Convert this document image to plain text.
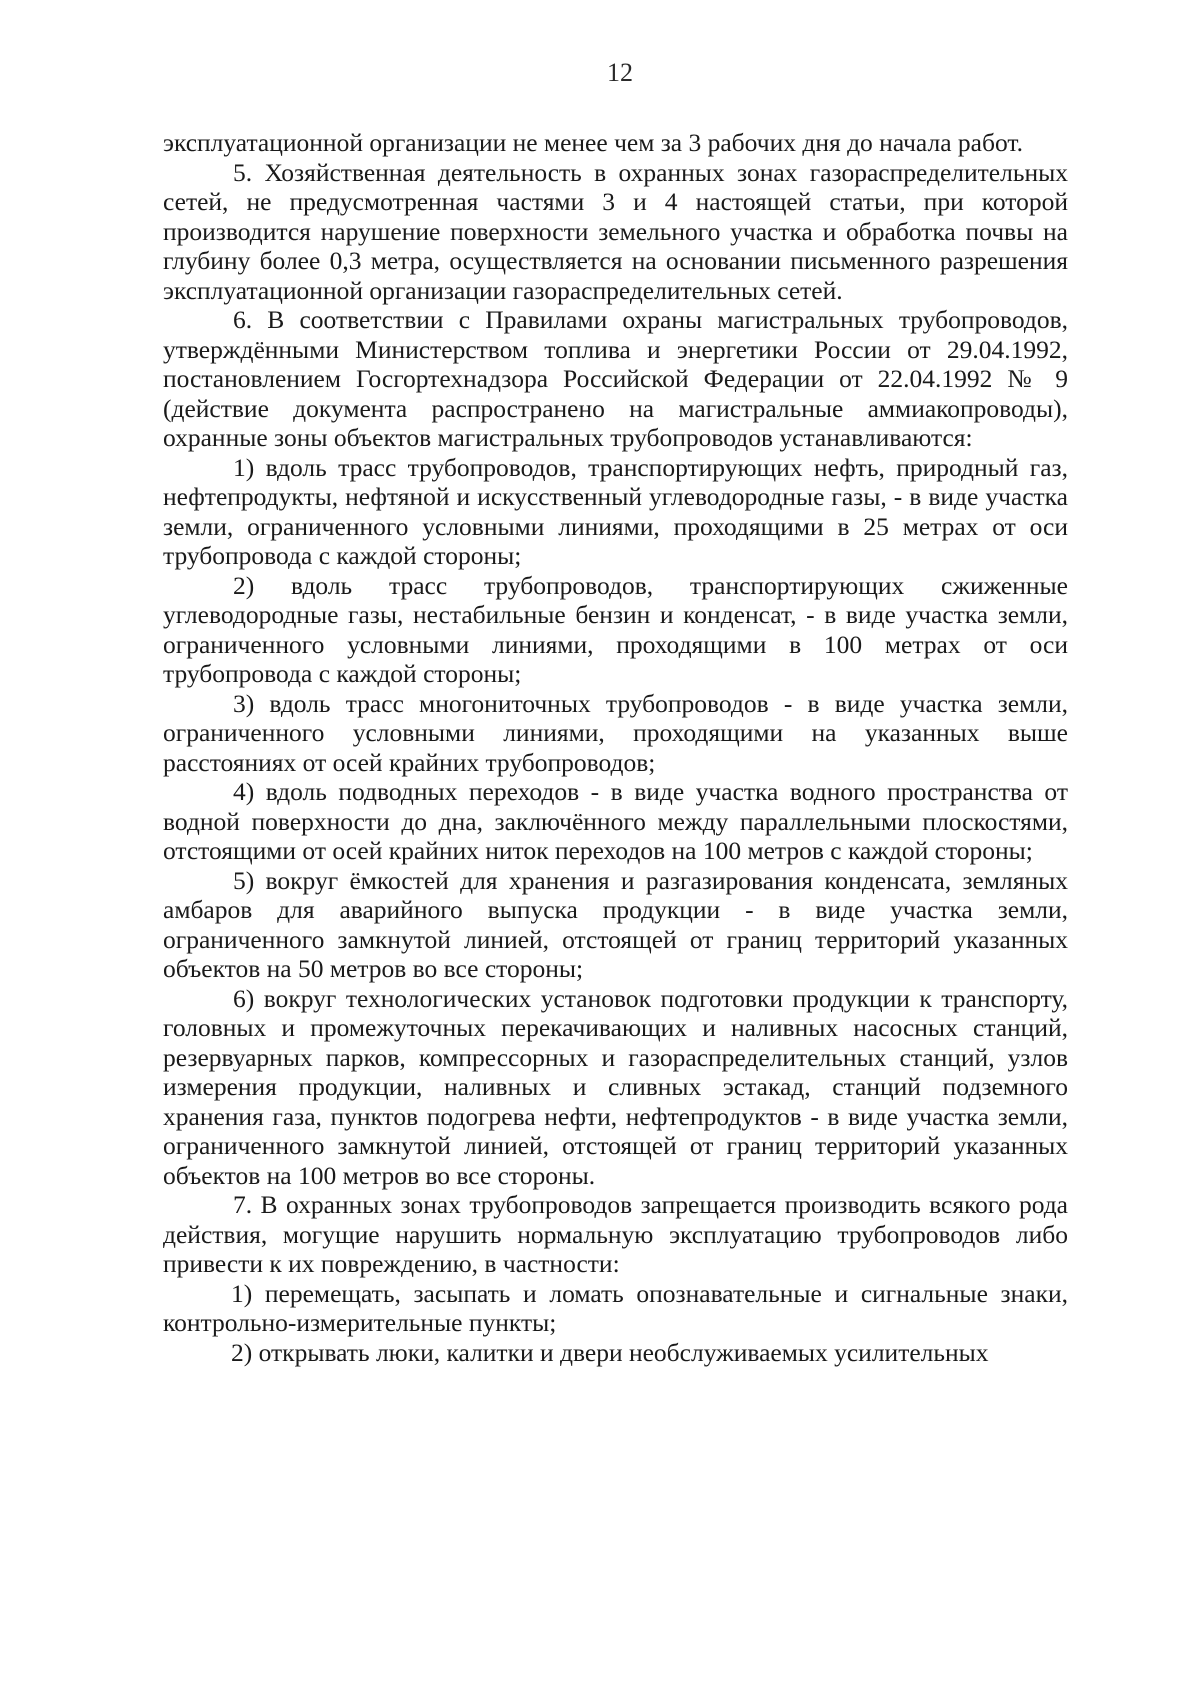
12

эксплуатационной организации не менее чем за 3 рабочих дня до начала работ.

5. Хозяйственная деятельность в охранных зонах газораспределительных сетей, не предусмотренная частями 3 и 4 настоящей статьи, при которой производится нарушение поверхности земельного участка и обработка почвы на глубину более 0,3 метра, осуществляется на основании письменного разрешения эксплуатационной организации газораспределительных сетей.

6. В соответствии с Правилами охраны магистральных трубопроводов, утверждёнными Министерством топлива и энергетики России от 29.04.1992, постановлением Госгортехнадзора Российской Федерации от 22.04.1992 № 9 (действие документа распространено на магистральные аммиакопроводы), охранные зоны объектов магистральных трубопроводов устанавливаются:

1) вдоль трасс трубопроводов, транспортирующих нефть, природный газ, нефтепродукты, нефтяной и искусственный углеводородные газы, - в виде участка земли, ограниченного условными линиями, проходящими в 25 метрах от оси трубопровода с каждой стороны;

2) вдоль трасс трубопроводов, транспортирующих сжиженные углеводородные газы, нестабильные бензин и конденсат, - в виде участка земли, ограниченного условными линиями, проходящими в 100 метрах от оси трубопровода с каждой стороны;

3) вдоль трасс многониточных трубопроводов - в виде участка земли, ограниченного условными линиями, проходящими на указанных выше расстояниях от осей крайних трубопроводов;

4) вдоль подводных переходов - в виде участка водного пространства от водной поверхности до дна, заключённого между параллельными плоскостями, отстоящими от осей крайних ниток переходов на 100 метров с каждой стороны;

5) вокруг ёмкостей для хранения и разгазирования конденсата, земляных амбаров для аварийного выпуска продукции - в виде участка земли, ограниченного замкнутой линией, отстоящей от границ территорий указанных объектов на 50 метров во все стороны;

6) вокруг технологических установок подготовки продукции к транспорту, головных и промежуточных перекачивающих и наливных насосных станций, резервуарных парков, компрессорных и газораспределительных станций, узлов измерения продукции, наливных и сливных эстакад, станций подземного хранения газа, пунктов подогрева нефти, нефтепродуктов - в виде участка земли, ограниченного замкнутой линией, отстоящей от границ территорий указанных объектов на 100 метров во все стороны.

7. В охранных зонах трубопроводов запрещается производить всякого рода действия, могущие нарушить нормальную эксплуатацию трубопроводов либо привести к их повреждению, в частности:

1) перемещать, засыпать и ломать опознавательные и сигнальные знаки, контрольно-измерительные пункты;

2) открывать люки, калитки и двери необслуживаемых усилительных
